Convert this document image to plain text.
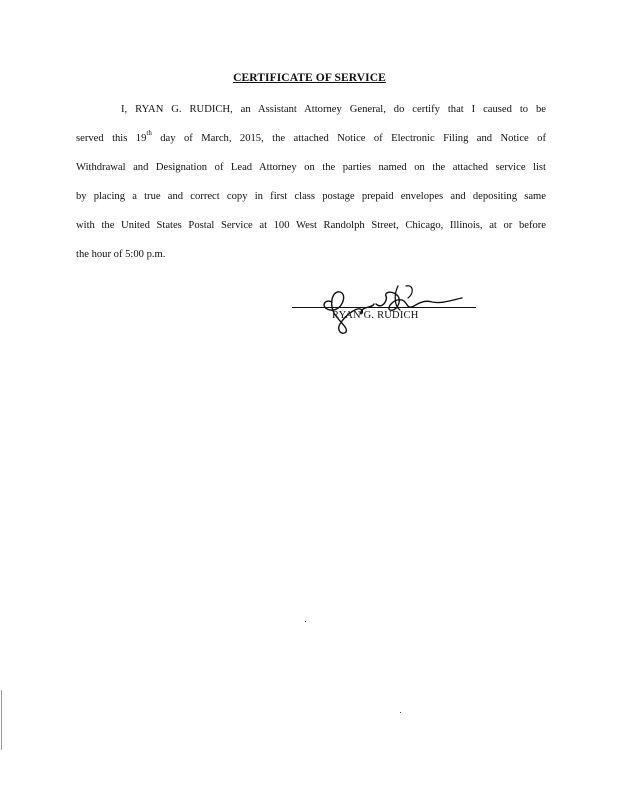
CERTIFICATE OF SERVICE
I, RYAN G. RUDICH, an Assistant Attorney General, do certify that I caused to be
served this 19th day of March, 2015, the attached Notice of Electronic Filing and Notice of
Withdrawal and Designation of Lead Attorney on the parties named on the attached service list
by placing a true and correct copy in first class postage prepaid envelopes and depositing same
with the United States Postal Service at 100 West Randolph Street, Chicago, Illinois, at or before
the hour of 5:00 p.m.
RYAN G. RUDICH
